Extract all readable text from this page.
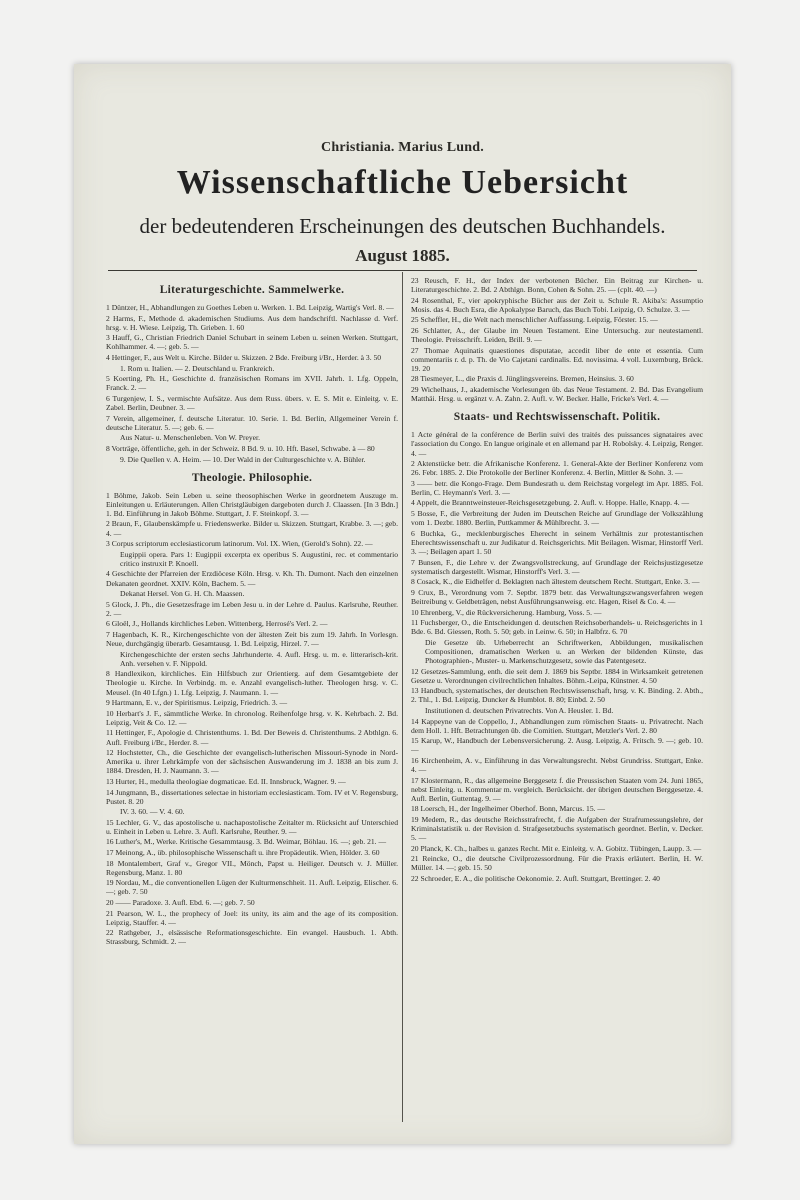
Christiania. Marius Lund.
Wissenschaftliche Uebersicht
der bedeutenderen Erscheinungen des deutschen Buchhandels.
August 1885.
Literaturgeschichte. Sammelwerke.
1 Düntzer, H., Abhandlungen zu Goethes Leben u. Werken. 1. Bd. Leipzig, Wartig's Verl. 8. —
2 Harms, F., Methode d. akademischen Studiums. Aus dem handschriftl. Nachlasse d. Verf. hrsg. v. H. Wiese. Leipzig, Th. Grieben. 1. 60
3 Hauff, G., Christian Friedrich Daniel Schubart in seinem Leben u. seinen Werken. Stuttgart, Kohlhammer. 4. —; geb. 5. —
4 Hettinger, F., aus Welt u. Kirche. Bilder u. Skizzen. 2 Bde. Freiburg i/Br., Herder. à 3. 50
1. Rom u. Italien. — 2. Deutschland u. Frankreich.
5 Koerting, Ph. H., Geschichte d. französischen Romans im XVII. Jahrh. 1. Lfg. Oppeln, Franck. 2. —
6 Turgenjew, I. S., vermischte Aufsätze. Aus dem Russ. übers. v. E. S. Mit e. Einleitg. v. E. Zabel. Berlin, Deubner. 3. —
7 Verein, allgemeiner, f. deutsche Literatur. 10. Serie. 1. Bd. Berlin, Allgemeiner Verein f. deutsche Literatur. 5. —; geb. 6. —
Aus Natur- u. Menschenleben. Von W. Preyer.
8 Vorträge, öffentliche, geh. in der Schweiz. 8 Bd. 9. u. 10. Hft. Basel, Schwabe. à — 80
9. Die Quellen v. A. Heim. — 10. Der Wald in der Culturgeschichte v. A. Bühler.
Theologie. Philosophie.
1 Böhme, Jakob. Sein Leben u. seine theosophischen Werke in geordnetem Auszuge m. Einleitungen u. Erläuterungen. Allen Christgläubigen dargeboten durch J. Claassen. [In 3 Bdn.] 1. Bd. Einführung in Jakob Böhme. Stuttgart, J. F. Steinkopf. 3. —
2 Braun, F., Glaubenskämpfe u. Friedenswerke. Bilder u. Skizzen. Stuttgart, Krabbe. 3. —; geb. 4. —
3 Corpus scriptorum ecclesiasticorum latinorum. Vol. IX. Wien, (Gerold's Sohn). 22. —
Eugippii opera. Pars 1: Eugippii excerpta ex operibus S. Augustini, rec. et commentario critico instruxit P. Knoell.
4 Geschichte der Pfarreien der Erzdiöcese Köln. Hrsg. v. Kh. Th. Dumont. Nach den einzelnen Dekanaten geordnet. XXIV. Köln, Bachem. 5. —
Dekanat Hersel. Von G. H. Ch. Maassen.
5 Glock, J. Ph., die Gesetzesfrage im Leben Jesu u. in der Lehre d. Paulus. Karlsruhe, Reuther. 2. —
6 Gloël, J., Hollands kirchliches Leben. Wittenberg, Herrosé's Verl. 2. —
7 Hagenbach, K. R., Kirchengeschichte von der ältesten Zeit bis zum 19. Jahrh. In Vorlesgn. Neue, durchgängig überarb. Gesamtausg. 1. Bd. Leipzig, Hirzel. 7. —
Kirchengeschichte der ersten sechs Jahrhunderte. 4. Aufl. Hrsg. u. m. e. litterarisch-krit. Anh. versehen v. F. Nippold.
8 Handlexikon, kirchliches. Ein Hilfsbuch zur Orientierg. auf dem Gesamtgebiete der Theologie u. Kirche. In Verbindg. m. e. Anzahl evangelisch-luther. Theologen hrsg. v. C. Meusel. (In 40 Lfgn.) 1. Lfg. Leipzig, J. Naumann. 1. —
9 Hartmann, E. v., der Spiritismus. Leipzig, Friedrich. 3. —
10 Herbart's J. F., sämmtliche Werke. In chronolog. Reihenfolge hrsg. v. K. Kehrbach. 2. Bd. Leipzig, Veit & Co. 12. —
11 Hettinger, F., Apologie d. Christenthums. 1. Bd. Der Beweis d. Christenthums. 2 Abthlgn. 6. Aufl. Freiburg i/Br., Herder. 8. —
12 Hochstetter, Ch., die Geschichte der evangelisch-lutherischen Missouri-Synode in Nord-Amerika u. ihrer Lehrkämpfe von der sächsischen Auswanderung im J. 1838 an bis zum J. 1884. Dresden, H. J. Naumann. 3. —
13 Hurter, H., medulla theologiae dogmaticae. Ed. II. Innsbruck, Wagner. 9. —
14 Jungmann, B., dissertationes selectae in historiam ecclesiasticam. Tom. IV et V. Regensburg, Pustet. 8. 20
IV. 3. 60. — V. 4. 60.
15 Lechler, G. V., das apostolische u. nachapostolische Zeitalter m. Rücksicht auf Unterschied u. Einheit in Leben u. Lehre. 3. Aufl. Karlsruhe, Reuther. 9. —
16 Luther's, M., Werke. Kritische Gesammtausg. 3. Bd. Weimar, Böhlau. 16. —; geb. 21. —
17 Meinong, A., üb. philosophische Wissenschaft u. ihre Propädeutik. Wien, Hölder. 3. 60
18 Montalembert, Graf v., Gregor VII., Mönch, Papst u. Heiliger. Deutsch v. J. Müller. Regensburg, Manz. 1. 80
19 Nordau, M., die conventionellen Lügen der Kulturmenschheit. 11. Aufl. Leipzig, Elischer. 6. —; geb. 7. 50
20 —— Paradoxe. 3. Aufl. Ebd. 6. —; geb. 7. 50
21 Pearson, W. L., the prophecy of Joel: its unity, its aim and the age of its composition. Leipzig, Stauffer. 4. —
22 Rathgeber, J., elsässische Reformationsgeschichte. Ein evangel. Hausbuch. 1. Abth. Strassburg, Schmidt. 2. —
23 Reusch, F. H., der Index der verbotenen Bücher. Ein Beitrag zur Kirchen- u. Literaturgeschichte. 2. Bd. 2 Abthlgn. Bonn, Cohen & Sohn. 25. — (cplt. 40. —)
24 Rosenthal, F., vier apokryphische Bücher aus der Zeit u. Schule R. Akiba's: Assumptio Mosis. das 4. Buch Esra, die Apokalypse Baruch, das Buch Tobi. Leipzig, O. Schulze. 3. —
25 Scheffler, H., die Welt nach menschlicher Auffassung. Leipzig, Förster. 15. —
26 Schlatter, A., der Glaube im Neuen Testament. Eine Untersuchg. zur neutestamentl. Theologie. Preisschrift. Leiden, Brill. 9. —
27 Thomae Aquinatis quaestiones disputatae, accedit liber de ente et essentia. Cum commentariis r. d. p. Th. de Vio Cajetani cardinalis. Ed. novissima. 4 voll. Luxemburg, Brück. 19. 20
28 Tiesmeyer, L., die Praxis d. Jünglingsvereins. Bremen, Heinsius. 3. 60
29 Wichelhaus, J., akademische Vorlesungen üb. das Neue Testament. 2. Bd. Das Evangelium Matthäi. Hrsg. u. ergänzt v. A. Zahn. 2. Aufl. v. W. Becker. Halle, Fricke's Verl. 4. —
Staats- und Rechtswissenschaft. Politik.
1 Acte général de la conférence de Berlin suivi des traités des puissances signataires avec l'association du Congo. En langue originale et en allemand par H. Robolsky. 4. Leipzig, Renger. 4. —
2 Aktenstücke betr. die Afrikanische Konferenz. 1. General-Akte der Berliner Konferenz vom 26. Febr. 1885. 2. Die Protokolle der Berliner Konferenz. 4. Berlin, Mittler & Sohn. 3. —
3 —— betr. die Kongo-Frage. Dem Bundesrath u. dem Reichstag vorgelegt im Apr. 1885. Fol. Berlin, C. Heymann's Verl. 3. —
4 Appelt, die Branntweinsteuer-Reichsgesetzgebung. 2. Aufl. v. Hoppe. Halle, Knapp. 4. —
5 Bosse, F., die Verbreitung der Juden im Deutschen Reiche auf Grundlage der Volkszählung vom 1. Dezbr. 1880. Berlin, Puttkammer & Mühlbrecht. 3. —
6 Buchka, G., mecklenburgisches Eherecht in seinem Verhältnis zur protestantischen Eherechtswissenschaft u. zur Judikatur d. Reichsgerichts. Mit Beilagen. Wismar, Hinstorff Verl. 3. —; Beilagen apart 1. 50
7 Bunsen, F., die Lehre v. der Zwangsvollstreckung, auf Grundlage der Reichsjustizgesetze systematisch dargestellt. Wismar, Hinstorff's Verl. 3. —
8 Cosack, K., die Eidhelfer d. Beklagten nach ältestem deutschem Recht. Stuttgart, Enke. 3. —
9 Crux, B., Verordnung vom 7. Septbr. 1879 betr. das Verwaltungszwangsverfahren wegen Beitreibung v. Geldbeträgen, nebst Ausführungsanweisg. etc. Hagen, Risel & Co. 4. —
10 Ehrenberg, V., die Rückversicherung. Hamburg, Voss. 5. —
11 Fuchsberger, O., die Entscheidungen d. deutschen Reichsoberhandels- u. Reichsgerichts in 1 Bde. 6. Bd. Giessen, Roth. 5. 50; geb. in Leinw. 6. 50; in Halbfrz. 6. 70
Die Gesetze üb. Urheberrecht an Schriftwerken, Abbildungen, musikalischen Compositionen, dramatischen Werken u. an Werken der bildenden Künste, das Photographien-, Muster- u. Markenschutzgesetz, sowie das Patentgesetz.
12 Gesetzes-Sammlung, enth. die seit dem J. 1869 bis Septbr. 1884 in Wirksamkeit getretenen Gesetze u. Verordnungen civilrechtlichen Inhaltes. Böhm.-Leipa, Künstner. 4. 50
13 Handbuch, systematisches, der deutschen Rechtswissenschaft, hrsg. v. K. Binding. 2. Abth., 2. Thl., 1. Bd. Leipzig, Duncker & Humblot. 8. 80; Einbd. 2. 50
Institutionen d. deutschen Privatrechts. Von A. Heusler. 1. Bd.
14 Kappeyne van de Coppello, J., Abhandlungen zum römischen Staats- u. Privatrecht. Nach dem Holl. 1. Hft. Betrachtungen üb. die Comitien. Stuttgart, Metzler's Verl. 2. 80
15 Karup, W., Handbuch der Lebensversicherung. 2. Ausg. Leipzig, A. Fritsch. 9. —; geb. 10. —
16 Kirchenheim, A. v., Einführung in das Verwaltungsrecht. Nebst Grundriss. Stuttgart, Enke. 4. —
17 Klostermann, R., das allgemeine Berggesetz f. die Preussischen Staaten vom 24. Juni 1865, nebst Einleitg. u. Kommentar m. vergleich. Berücksicht. der übrigen deutschen Berggesetze. 4. Aufl. Berlin, Guttentag. 9. —
18 Loersch, H., der Ingelheimer Oberhof. Bonn, Marcus. 15. —
19 Medem, R., das deutsche Reichsstrafrecht, f. die Aufgaben der Strafrumessungslehre, der Kriminalstatistik u. der Revision d. Strafgesetzbuchs systematisch geordnet. Berlin, v. Decker. 5. —
20 Planck, K. Ch., halbes u. ganzes Recht. Mit e. Einleitg. v. A. Gobitz. Tübingen, Laupp. 3. —
21 Reincke, O., die deutsche Civilprozessordnung. Für die Praxis erläutert. Berlin, H. W. Müller. 14. —; geb. 15. 50
22 Schroeder, E. A., die politische Oekonomie. 2. Aufl. Stuttgart, Brettinger. 2. 40
